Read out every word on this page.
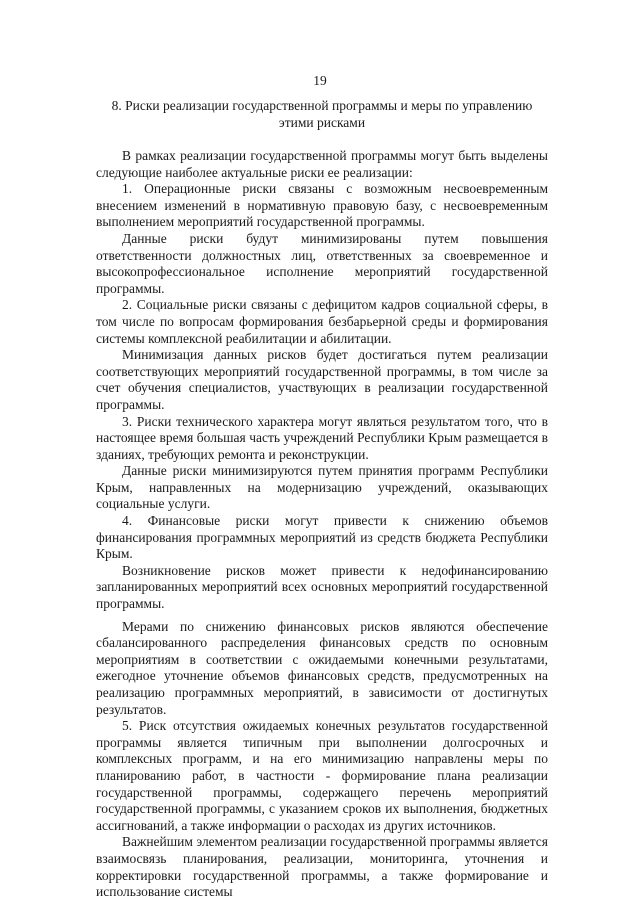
19
8. Риски реализации государственной программы и меры по управлению этими рисками

В рамках реализации государственной программы могут быть выделены следующие наиболее актуальные риски ее реализации:

1. Операционные риски связаны с возможным несвоевременным внесением изменений в нормативную правовую базу, с несвоевременным выполнением мероприятий государственной программы.

Данные риски будут минимизированы путем повышения ответственности должностных лиц, ответственных за своевременное и высокопрофессиональное исполнение мероприятий государственной программы.

2. Социальные риски связаны с дефицитом кадров социальной сферы, в том числе по вопросам формирования безбарьерной среды и формирования системы комплексной реабилитации и абилитации.

Минимизация данных рисков будет достигаться путем реализации соответствующих мероприятий государственной программы, в том числе за счет обучения специалистов, участвующих в реализации государственной программы.

3. Риски технического характера могут являться результатом того, что в настоящее время большая часть учреждений Республики Крым размещается в зданиях, требующих ремонта и реконструкции.

Данные риски минимизируются путем принятия программ Республики Крым, направленных на модернизацию учреждений, оказывающих социальные услуги.

4. Финансовые риски могут привести к снижению объемов финансирования программных мероприятий из средств бюджета Республики Крым.

Возникновение рисков может привести к недофинансированию запланированных мероприятий всех основных мероприятий государственной программы.

Мерами по снижению финансовых рисков являются обеспечение сбалансированного распределения финансовых средств по основным мероприятиям в соответствии с ожидаемыми конечными результатами, ежегодное уточнение объемов финансовых средств, предусмотренных на реализацию программных мероприятий, в зависимости от достигнутых результатов.

5. Риск отсутствия ожидаемых конечных результатов государственной программы является типичным при выполнении долгосрочных и комплексных программ, и на его минимизацию направлены меры по планированию работ, в частности - формирование плана реализации государственной программы, содержащего перечень мероприятий государственной программы, с указанием сроков их выполнения, бюджетных ассигнований, а также информации о расходах из других источников.

Важнейшим элементом реализации государственной программы является взаимосвязь планирования, реализации, мониторинга, уточнения и корректировки государственной программы, а также формирование и использование системы
